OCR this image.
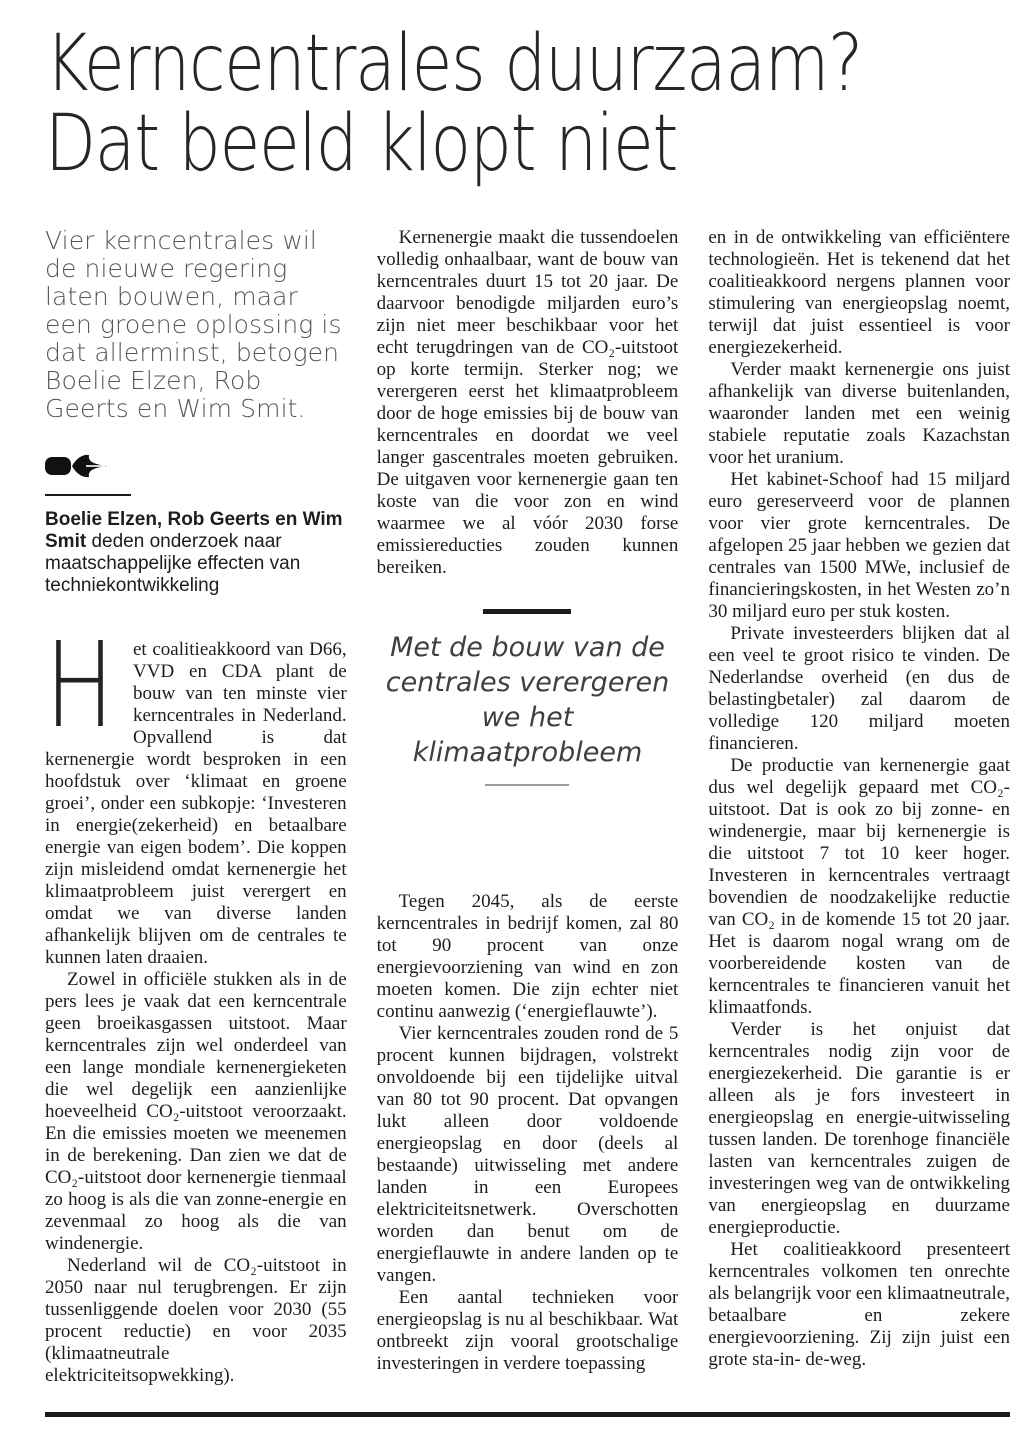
Kerncentrales duurzaam?
Dat beeld klopt niet

Vier kerncentrales wil de nieuwe regering laten bouwen, maar een groene oplossing is dat allerminst, betogen Boelie Elzen, Rob Geerts en Wim Smit.

Boelie Elzen, Rob Geerts en Wim Smit deden onderzoek naar maatschappelijke effecten van techniekontwikkeling

Het coalitieakkoord van D66, VVD en CDA plant de bouw van ten minste vier kerncentrales in Nederland. Opvallend is dat kernenergie wordt besproken in een hoofdstuk over ‘klimaat en groene groei’, onder een subkopje: ‘Investeren in energie(zekerheid) en betaalbare energie van eigen bodem’. Die koppen zijn misleidend omdat kernenergie het klimaatprobleem juist verergert en omdat we van diverse landen afhankelijk blijven om de centrales te kunnen laten draaien.

Zowel in officiële stukken als in de pers lees je vaak dat een kerncentrale geen broeikasgassen uitstoot. Maar kerncentrales zijn wel onderdeel van een lange mondiale kernenergieketen die wel degelijk een aanzienlijke hoeveelheid CO₂-uitstoot veroorzaakt. En die emissies moeten we meenemen in de berekening. Dan zien we dat de CO₂-uitstoot door kernenergie tienmaal zo hoog is als die van zonne-energie en zevenmaal zo hoog als die van windenergie.

Nederland wil de CO₂-uitstoot in 2050 naar nul terugbrengen. Er zijn tussenliggende doelen voor 2030 (55 procent reductie) en voor 2035 (klimaatneutrale elektriciteitsopwekking).

Kernenergie maakt die tussendoelen volledig onhaalbaar, want de bouw van kerncentrales duurt 15 tot 20 jaar. De daarvoor benodigde miljarden euro’s zijn niet meer beschikbaar voor het echt terugdringen van de CO₂-uitstoot op korte termijn. Sterker nog; we verergeren eerst het klimaatprobleem door de hoge emissies bij de bouw van kerncentrales en doordat we veel langer gascentrales moeten gebruiken. De uitgaven voor kernenergie gaan ten koste van die voor zon en wind waarmee we al vóór 2030 forse emissiereducties zouden kunnen bereiken.

Met de bouw van de centrales verergeren we het klimaatprobleem

Tegen 2045, als de eerste kerncentrales in bedrijf komen, zal 80 tot 90 procent van onze energievoorziening van wind en zon moeten komen. Die zijn echter niet continu aanwezig (‘energieflauwte’).

Vier kerncentrales zouden rond de 5 procent kunnen bijdragen, volstrekt onvoldoende bij een tijdelijke uitval van 80 tot 90 procent. Dat opvangen lukt alleen door voldoende energieopslag en door (deels al bestaande) uitwisseling met andere landen in een Europees elektriciteitsnetwerk. Overschotten worden dan benut om de energieflauwte in andere landen op te vangen.

Een aantal technieken voor energieopslag is nu al beschikbaar. Wat ontbreekt zijn vooral grootschalige investeringen in verdere toepassing

en in de ontwikkeling van efficiëntere technologieën. Het is tekenend dat het coalitieakkoord nergens plannen voor stimulering van energieopslag noemt, terwijl dat juist essentieel is voor energiezekerheid.

Verder maakt kernenergie ons juist afhankelijk van diverse buitenlanden, waaronder landen met een weinig stabiele reputatie zoals Kazachstan voor het uranium.

Het kabinet-Schoof had 15 miljard euro gereserveerd voor de plannen voor vier grote kerncentrales. De afgelopen 25 jaar hebben we gezien dat centrales van 1500 MWe, inclusief de financieringskosten, in het Westen zo’n 30 miljard euro per stuk kosten.

Private investeerders blijken dat al een veel te groot risico te vinden. De Nederlandse overheid (en dus de belastingbetaler) zal daarom de volledige 120 miljard moeten financieren.

De productie van kernenergie gaat dus wel degelijk gepaard met CO₂-uitstoot. Dat is ook zo bij zonne- en windenergie, maar bij kernenergie is die uitstoot 7 tot 10 keer hoger. Investeren in kerncentrales vertraagt bovendien de noodzakelijke reductie van CO₂ in de komende 15 tot 20 jaar. Het is daarom nogal wrang om de voorbereidende kosten van de kerncentrales te financieren vanuit het klimaatfonds.

Verder is het onjuist dat kerncentrales nodig zijn voor de energiezekerheid. Die garantie is er alleen als je fors investeert in energieopslag en energie-uitwisseling tussen landen. De torenhoge financiële lasten van kerncentrales zuigen de investeringen weg van de ontwikkeling van energieopslag en duurzame energieproductie.

Het coalitieakkoord presenteert kerncentrales volkomen ten onrechte als belangrijk voor een klimaatneutrale, betaalbare en zekere energievoorziening. Zij zijn juist een grote sta-in- de-weg.
